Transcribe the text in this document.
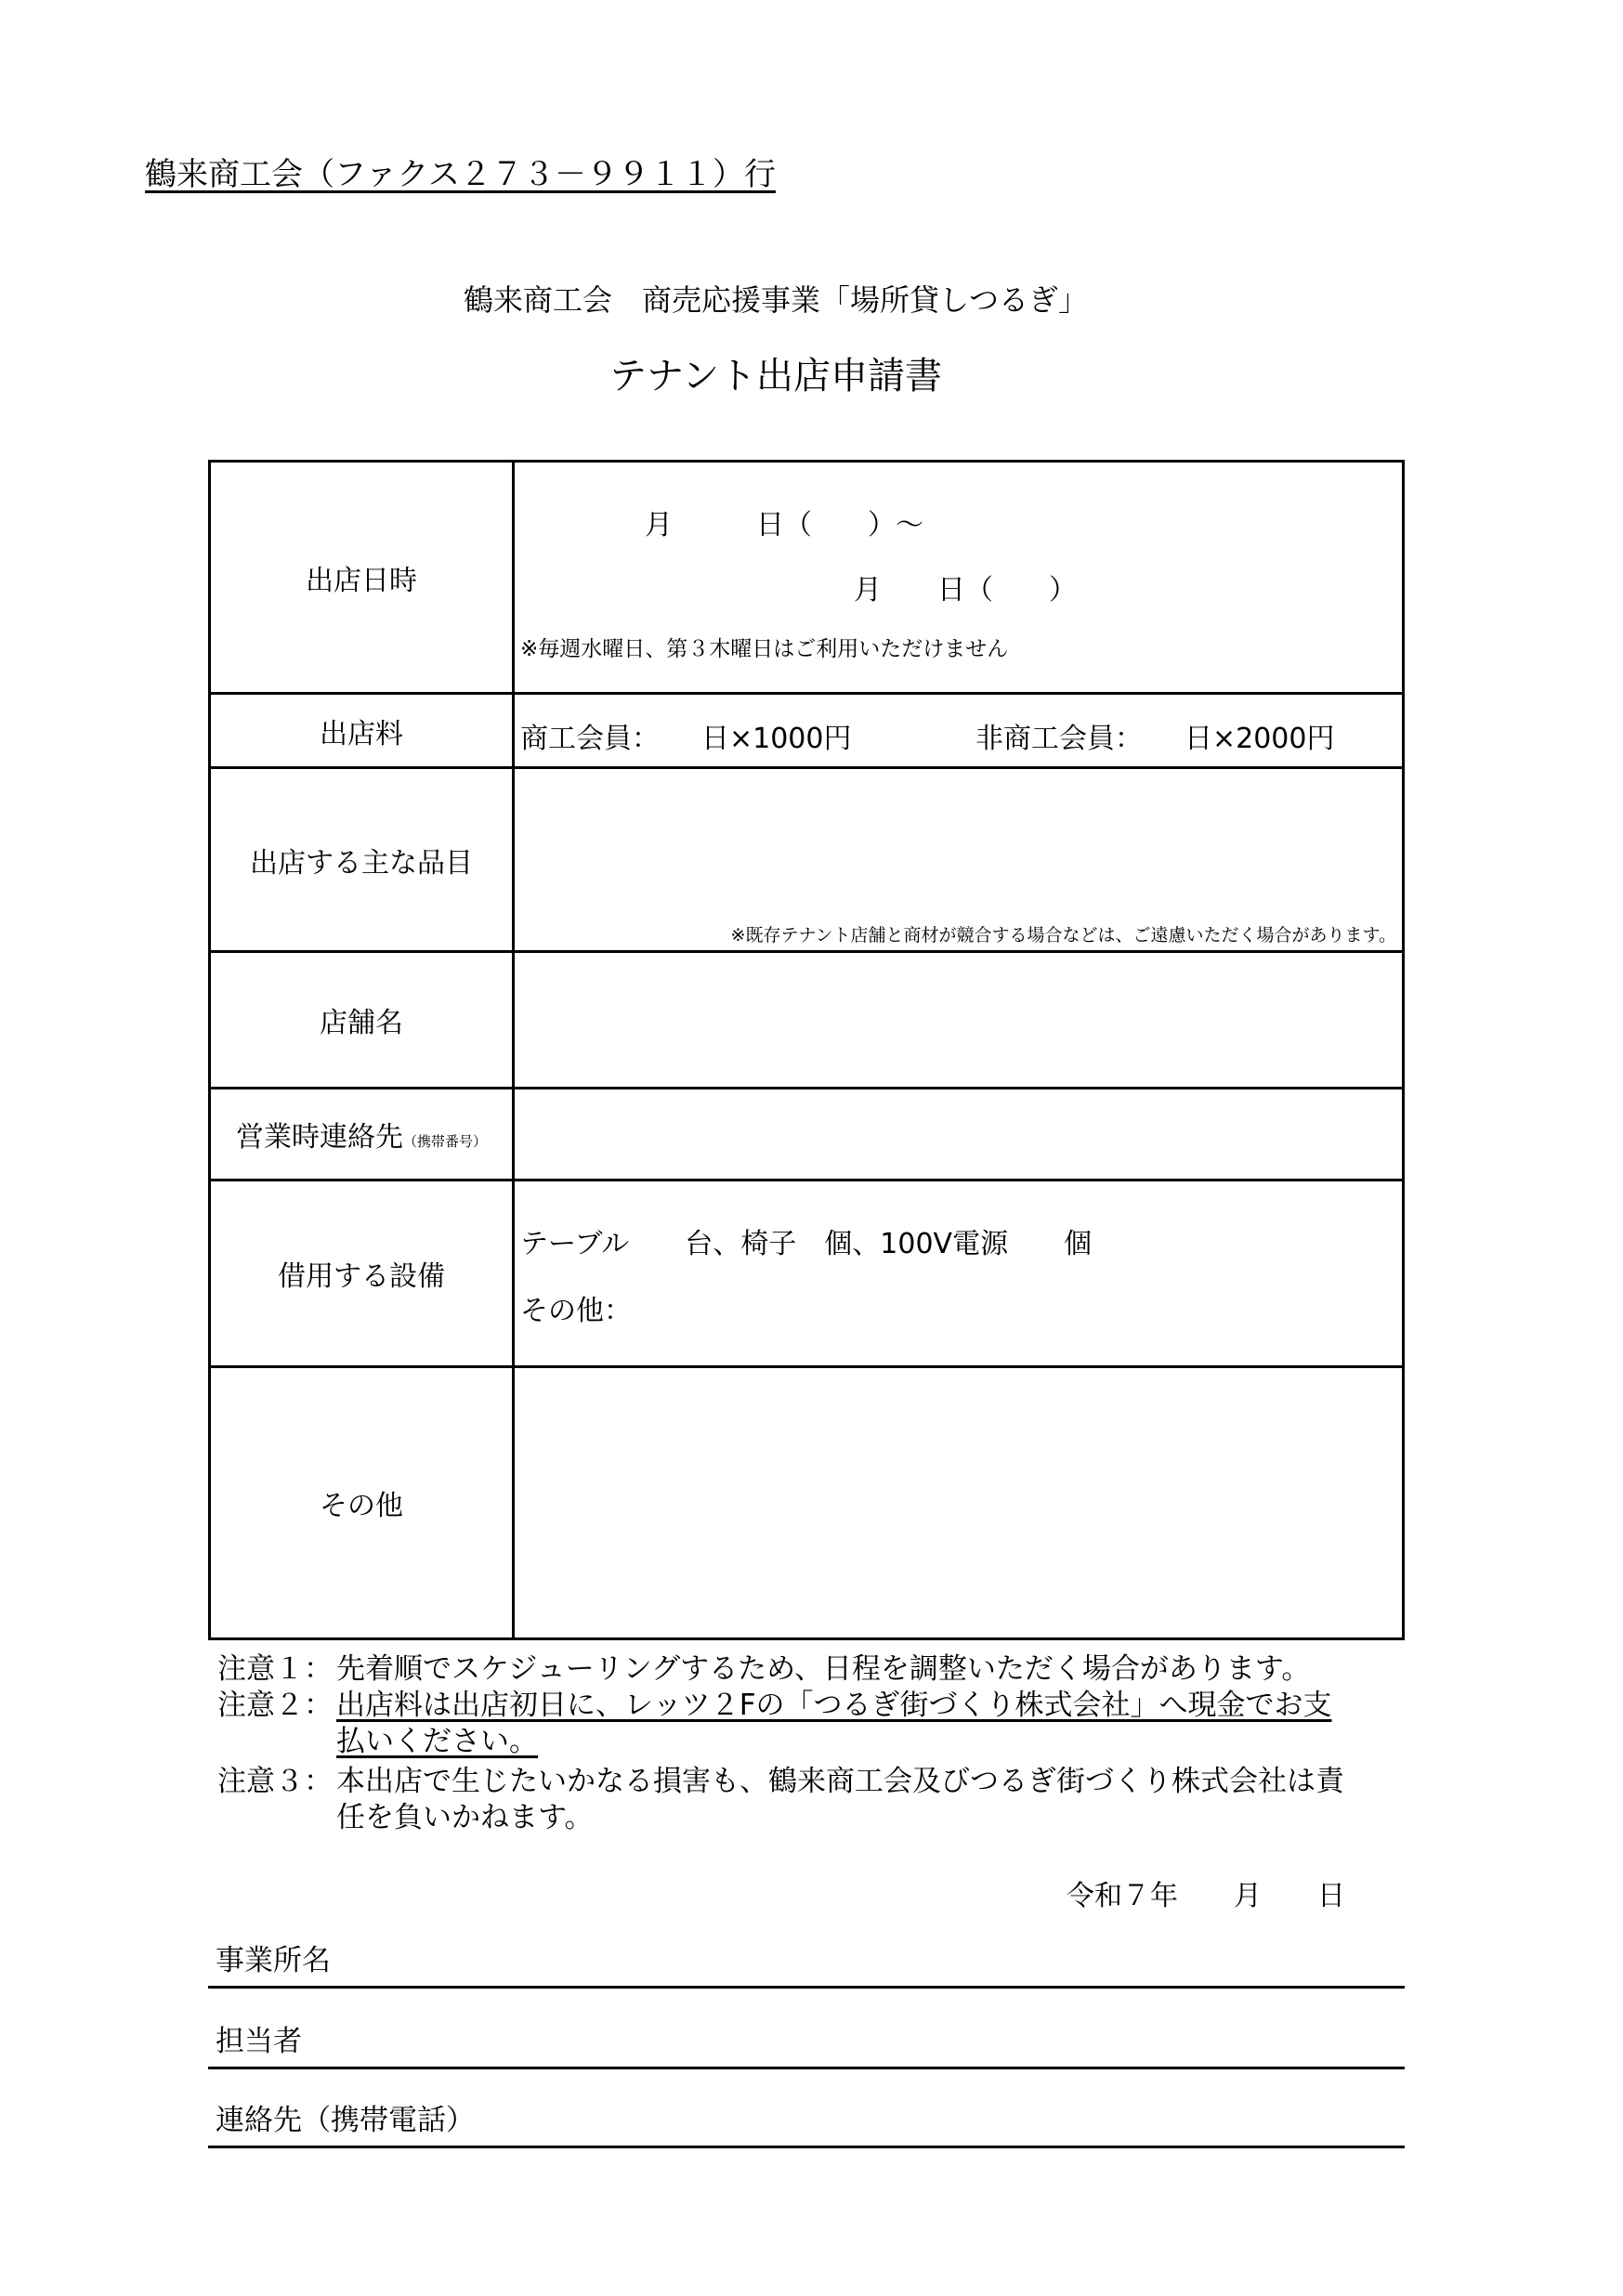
鶴来商工会（ファクス２７３－９９１１）行
鶴来商工会　商売応援事業「場所貸しつるぎ」
テナント出店申請書
出店日時	月　　　日（　　）～
月　　日（　　）
※毎週水曜日、第３木曜日はご利用いただけません

出店料	商工会員：　　日×1000円 非商工会員：　　日×2000円

出店する主な品目	※既存テナント店舗と商材が競合する場合などは、ご遠慮いただく場合があります。

店舗名	
営業時連絡先（携帯番号）	
借用する設備	テーブル　　台、椅子　個、100V電源　　個
その他：

その他	
注意１： 先着順でスケジューリングするため、日程を調整いただく場合があります。
注意２： 出店料は出店初日に、レッツ２Fの「つるぎ街づくり株式会社」へ現金でお支払いください。
注意３： 本出店で生じたいかなる損害も、鶴来商工会及びつるぎ街づくり株式会社は責任を負いかねます。
令和７年　　月　　日
事業所名
担当者
連絡先（携帯電話）
